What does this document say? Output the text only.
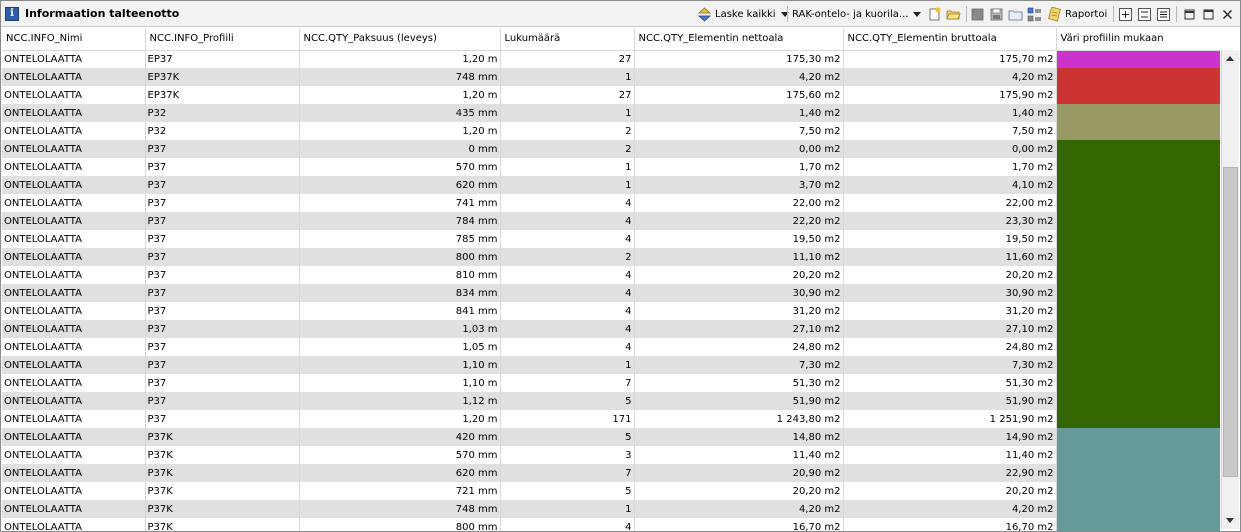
i	Informaation talteenotto	Laske kaikki RAK-ontelo- ja kuorila...	Raportoi
NCC.INFO_Nimi	NCC.INFO_Profiili	NCC.QTY_Paksuus (leveys)	Lukumäärä	NCC.QTY_Elementin nettoala	NCC.QTY_Elementin bruttoala	Väri profiilin mukaan
ONTELOLAATTA	EP37	1,20 m	27	175,30 m2	175,70 m2	
ONTELOLAATTA	EP37K	748 mm	1	4,20 m2	4,20 m2	
ONTELOLAATTA	EP37K	1,20 m	27	175,60 m2	175,90 m2	
ONTELOLAATTA	P32	435 mm	1	1,40 m2	1,40 m2	
ONTELOLAATTA	P32	1,20 m	2	7,50 m2	7,50 m2	
ONTELOLAATTA	P37	0 mm	2	0,00 m2	0,00 m2	
ONTELOLAATTA	P37	570 mm	1	1,70 m2	1,70 m2	
ONTELOLAATTA	P37	620 mm	1	3,70 m2	4,10 m2	
ONTELOLAATTA	P37	741 mm	4	22,00 m2	22,00 m2	
ONTELOLAATTA	P37	784 mm	4	22,20 m2	23,30 m2	
ONTELOLAATTA	P37	785 mm	4	19,50 m2	19,50 m2	
ONTELOLAATTA	P37	800 mm	2	11,10 m2	11,60 m2	
ONTELOLAATTA	P37	810 mm	4	20,20 m2	20,20 m2	
ONTELOLAATTA	P37	834 mm	4	30,90 m2	30,90 m2	
ONTELOLAATTA	P37	841 mm	4	31,20 m2	31,20 m2	
ONTELOLAATTA	P37	1,03 m	4	27,10 m2	27,10 m2	
ONTELOLAATTA	P37	1,05 m	4	24,80 m2	24,80 m2	
ONTELOLAATTA	P37	1,10 m	1	7,30 m2	7,30 m2	
ONTELOLAATTA	P37	1,10 m	7	51,30 m2	51,30 m2	
ONTELOLAATTA	P37	1,12 m	5	51,90 m2	51,90 m2	
ONTELOLAATTA	P37	1,20 m	171	1 243,80 m2	1 251,90 m2	
ONTELOLAATTA	P37K	420 mm	5	14,80 m2	14,90 m2	
ONTELOLAATTA	P37K	570 mm	3	11,40 m2	11,40 m2	
ONTELOLAATTA	P37K	620 mm	7	20,90 m2	22,90 m2	
ONTELOLAATTA	P37K	721 mm	5	20,20 m2	20,20 m2	
ONTELOLAATTA	P37K	748 mm	1	4,20 m2	4,20 m2	
ONTELOLAATTA	P37K	800 mm	4	16,70 m2	16,70 m2	
